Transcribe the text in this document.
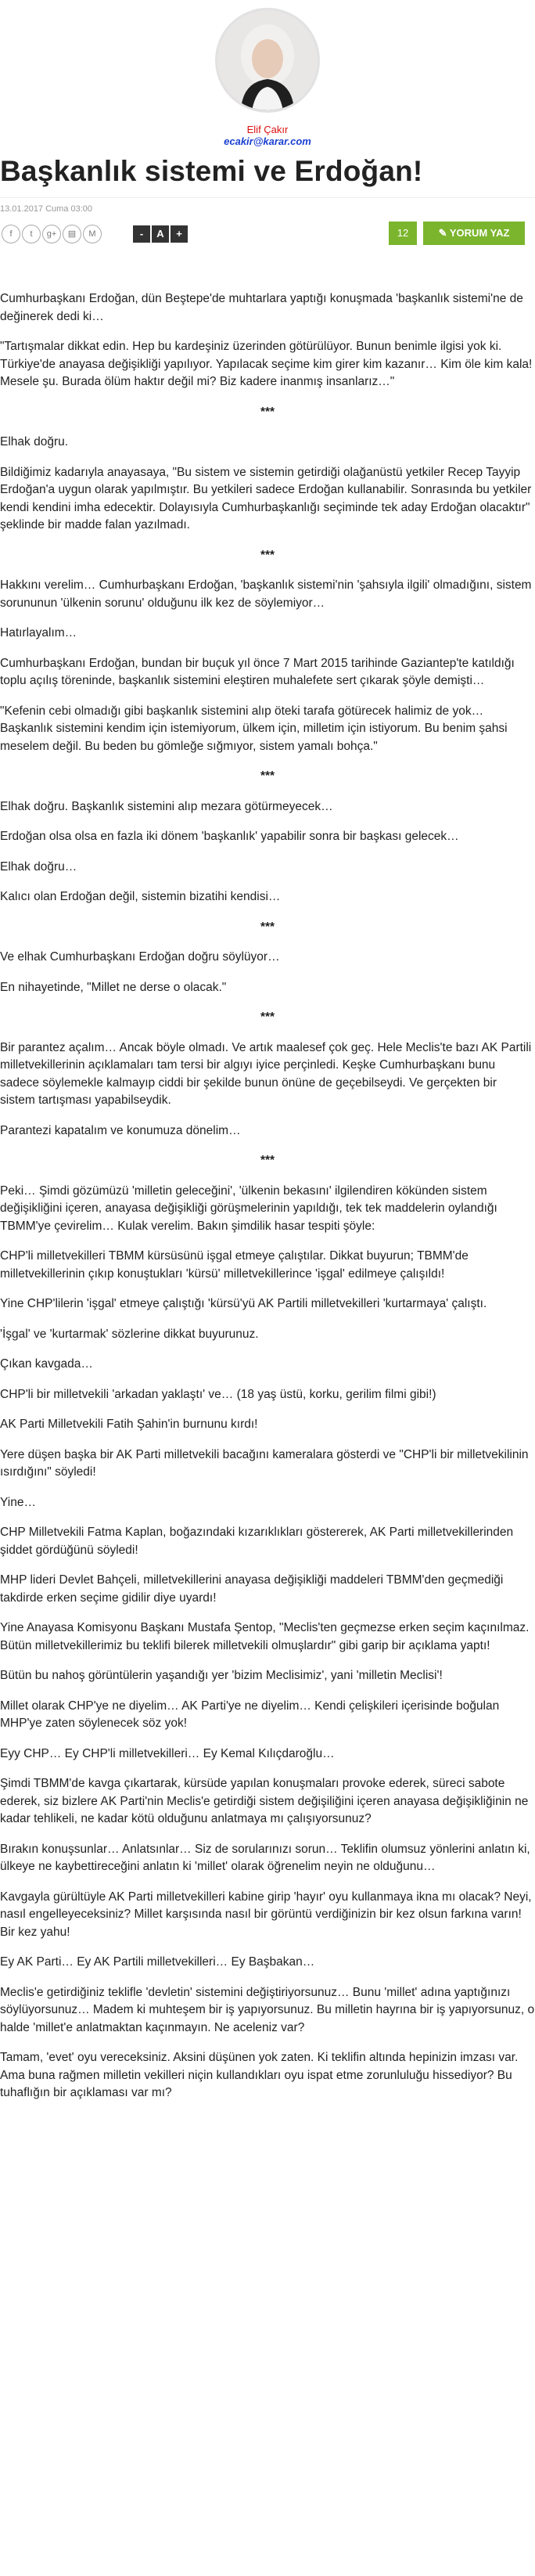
Elif Çakır
ecakir@karar.com
Başkanlık sistemi ve Erdoğan!
13.01.2017 Cuma 03:00
f	t	g+	▤	M	-	A	+	12	✎ YORUM YAZ

Cumhurbaşkanı Erdoğan, dün Beştepe'de muhtarlara yaptığı konuşmada 'başkanlık sistemi'ne de değinerek dedi ki…

"Tartışmalar dikkat edin. Hep bu kardeşiniz üzerinden götürülüyor. Bunun benimle ilgisi yok ki. Türkiye'de anayasa değişikliği yapılıyor. Yapılacak seçime kim girer kim kazanır… Kim öle kim kala! Mesele şu. Burada ölüm haktır değil mi? Biz kadere inanmış insanlarız…"

***

Elhak doğru.

Bildiğimiz kadarıyla anayasaya, "Bu sistem ve sistemin getirdiği olağanüstü yetkiler Recep Tayyip Erdoğan'a uygun olarak yapılmıştır. Bu yetkileri sadece Erdoğan kullanabilir. Sonrasında bu yetkiler kendi kendini imha edecektir. Dolayısıyla Cumhurbaşkanlığı seçiminde tek aday Erdoğan olacaktır" şeklinde bir madde falan yazılmadı.

***

Hakkını verelim… Cumhurbaşkanı Erdoğan, 'başkanlık sistemi'nin 'şahsıyla ilgili' olmadığını, sistem sorununun 'ülkenin sorunu' olduğunu ilk kez de söylemiyor…

Hatırlayalım…

Cumhurbaşkanı Erdoğan, bundan bir buçuk yıl önce 7 Mart 2015 tarihinde Gaziantep'te katıldığı toplu açılış töreninde, başkanlık sistemini eleştiren muhalefete sert çıkarak şöyle demişti…

"Kefenin cebi olmadığı gibi başkanlık sistemini alıp öteki tarafa götürecek halimiz de yok… Başkanlık sistemini kendim için istemiyorum, ülkem için, milletim için istiyorum. Bu benim şahsi meselem değil. Bu beden bu gömleğe sığmıyor, sistem yamalı bohça."

***

Elhak doğru. Başkanlık sistemini alıp mezara götürmeyecek…

Erdoğan olsa olsa en fazla iki dönem 'başkanlık' yapabilir sonra bir başkası gelecek…

Elhak doğru…

Kalıcı olan Erdoğan değil, sistemin bizatihi kendisi…

***

Ve elhak Cumhurbaşkanı Erdoğan doğru söylüyor…

En nihayetinde, "Millet ne derse o olacak."

***

Bir parantez açalım… Ancak böyle olmadı. Ve artık maalesef çok geç. Hele Meclis'te bazı AK Partili milletvekillerinin açıklamaları tam tersi bir algıyı iyice perçinledi. Keşke Cumhurbaşkanı bunu sadece söylemekle kalmayıp ciddi bir şekilde bunun önüne de geçebilseydi. Ve gerçekten bir sistem tartışması yapabilseydik.

Parantezi kapatalım ve konumuza dönelim…

***

Peki… Şimdi gözümüzü 'milletin geleceğini', 'ülkenin bekasını' ilgilendiren kökünden sistem değişikliğini içeren, anayasa değişikliği görüşmelerinin yapıldığı, tek tek maddelerin oylandığı TBMM'ye çevirelim… Kulak verelim. Bakın şimdilik hasar tespiti şöyle:

CHP'li milletvekilleri TBMM kürsüsünü işgal etmeye çalıştılar. Dikkat buyurun; TBMM'de milletvekillerinin çıkıp konuştukları 'kürsü' milletvekillerince 'işgal' edilmeye çalışıldı!

Yine CHP'lilerin 'işgal' etmeye çalıştığı 'kürsü'yü AK Partili milletvekilleri 'kurtarmaya' çalıştı.

'İşgal' ve 'kurtarmak' sözlerine dikkat buyurunuz.

Çıkan kavgada…

CHP'li bir milletvekili 'arkadan yaklaştı' ve… (18 yaş üstü, korku, gerilim filmi gibi!)

AK Parti Milletvekili Fatih Şahin'in burnunu kırdı!

Yere düşen başka bir AK Parti milletvekili bacağını kameralara gösterdi ve "CHP'li bir milletvekilinin ısırdığını" söyledi!

Yine…

CHP Milletvekili Fatma Kaplan, boğazındaki kızarıklıkları göstererek, AK Parti milletvekillerinden şiddet gördüğünü söyledi!

MHP lideri Devlet Bahçeli, milletvekillerini anayasa değişikliği maddeleri TBMM'den geçmediği takdirde erken seçime gidilir diye uyardı!

Yine Anayasa Komisyonu Başkanı Mustafa Şentop, "Meclis'ten geçmezse erken seçim kaçınılmaz. Bütün milletvekillerimiz bu teklifi bilerek milletvekili olmuşlardır" gibi garip bir açıklama yaptı!

Bütün bu nahoş görüntülerin yaşandığı yer 'bizim Meclisimiz', yani 'milletin Meclisi'!

Millet olarak CHP'ye ne diyelim… AK Parti'ye ne diyelim… Kendi çelişkileri içerisinde boğulan MHP'ye zaten söylenecek söz yok!

Eyy CHP… Ey CHP'li milletvekilleri… Ey Kemal Kılıçdaroğlu…

Şimdi TBMM'de kavga çıkartarak, kürsüde yapılan konuşmaları provoke ederek, süreci sabote ederek, siz bizlere AK Parti'nin Meclis'e getirdiği sistem değişiliğini içeren anayasa değişikliğinin ne kadar tehlikeli, ne kadar kötü olduğunu anlatmaya mı çalışıyorsunuz?

Bırakın konuşsunlar… Anlatsınlar… Siz de sorularınızı sorun… Teklifin olumsuz yönlerini anlatın ki, ülkeye ne kaybettireceğini anlatın ki 'millet' olarak öğrenelim neyin ne olduğunu…

Kavgayla gürültüyle AK Parti milletvekilleri kabine girip 'hayır' oyu kullanmaya ikna mı olacak? Neyi, nasıl engelleyeceksiniz? Millet karşısında nasıl bir görüntü verdiğinizin bir kez olsun farkına varın! Bir kez yahu!

Ey AK Parti… Ey AK Partili milletvekilleri… Ey Başbakan…

Meclis'e getirdiğiniz teklifle 'devletin' sistemini değiştiriyorsunuz… Bunu 'millet' adına yaptığınızı söylüyorsunuz… Madem ki muhteşem bir iş yapıyorsunuz. Bu milletin hayrına bir iş yapıyorsunuz, o halde 'millet'e anlatmaktan kaçınmayın. Ne aceleniz var?

Tamam, 'evet' oyu vereceksiniz. Aksini düşünen yok zaten. Ki teklifin altında hepinizin imzası var. Ama buna rağmen milletin vekilleri niçin kullandıkları oyu ispat etme zorunluluğu hissediyor? Bu tuhaflığın bir açıklaması var mı?
